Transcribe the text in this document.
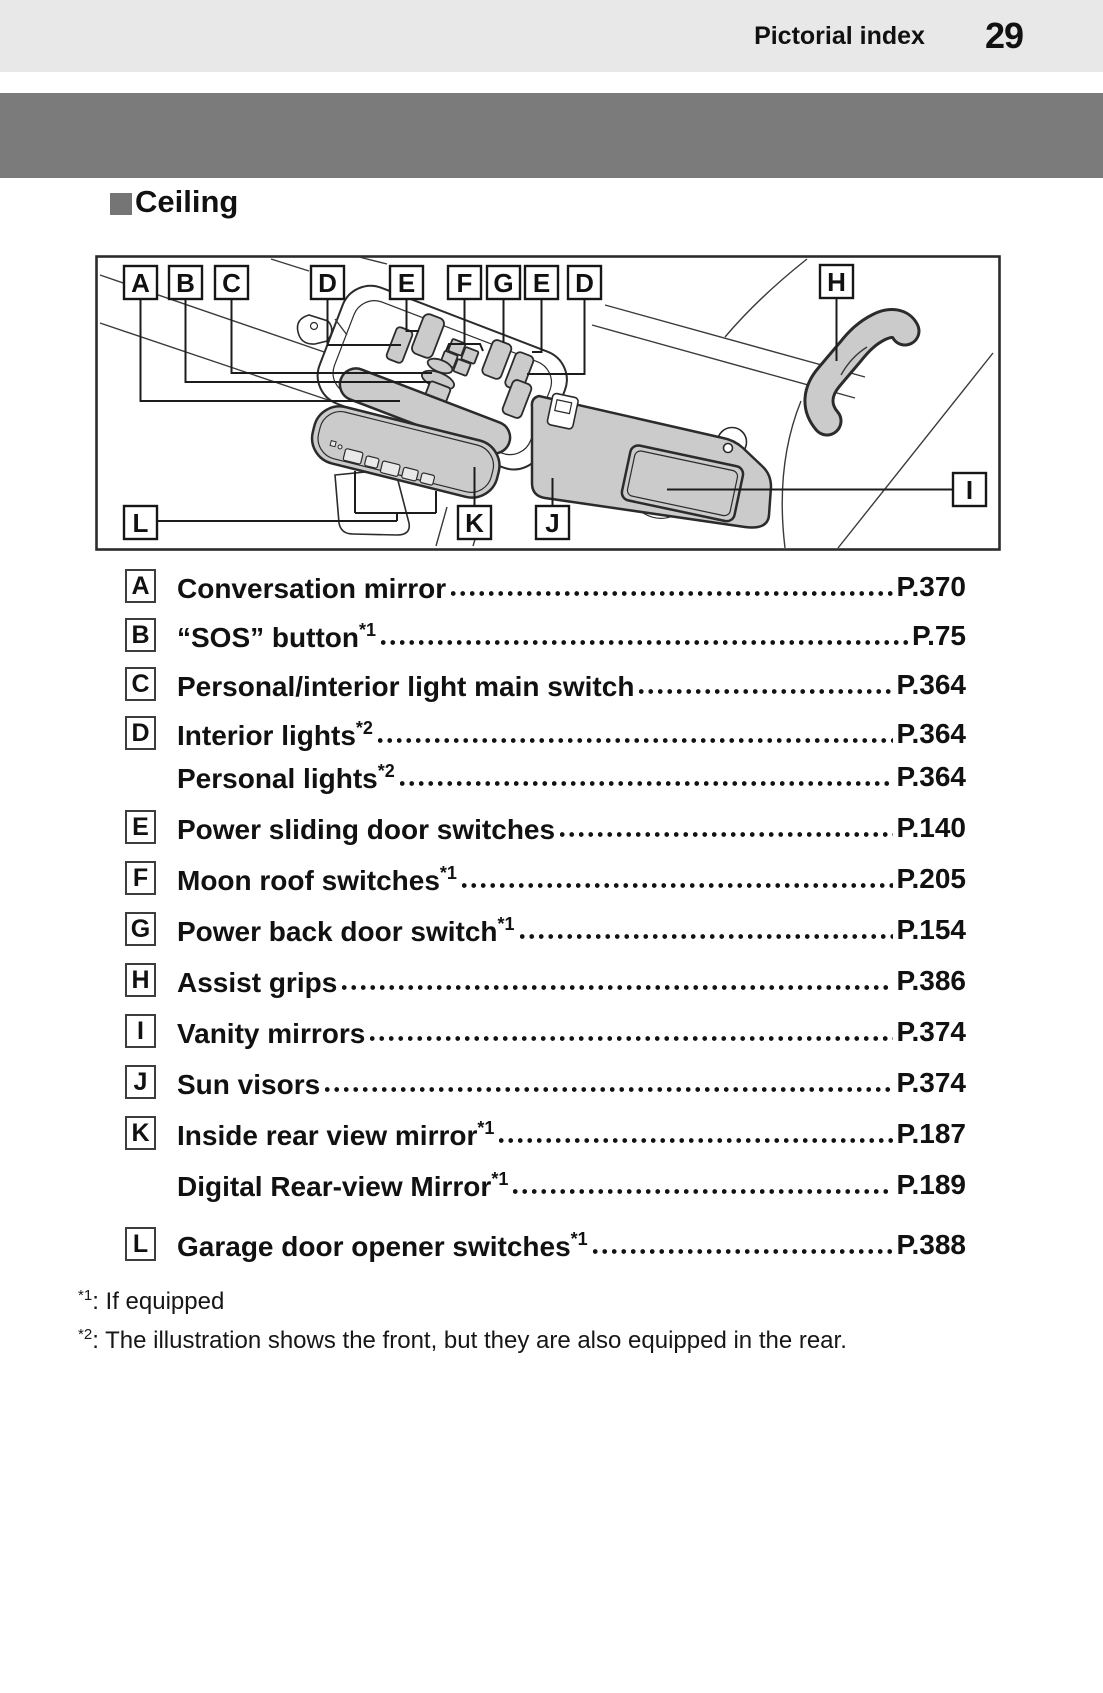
Pictorial index 29
Ceiling
A B C	D E F G E D	H
I
J
K
L
A Conversation mirror	P.370
B “SOS” button$^{*1}$	P.75
C Personal/interior light main switch	P.364
D Interior lights$^{*2}$	P.364
Personal lights$^{*2}$	P.364
E Power sliding door switches	P.140
F Moon roof switches$^{*1}$	P.205
G Power back door switch$^{*1}$	P.154
H Assist grips	P.386
I	Vanity mirrors	P.374
J	Sun visors	P.374
K Inside rear view mirror$^{*1}$	P.187
Digital Rear-view Mirror$^{*1}$	P.189
L Garage door opener switches$^{*1}$	P.388
$^{*1}$: If equipped
$^{*2}$: The illustration shows the front, but they are also equipped in the rear.
